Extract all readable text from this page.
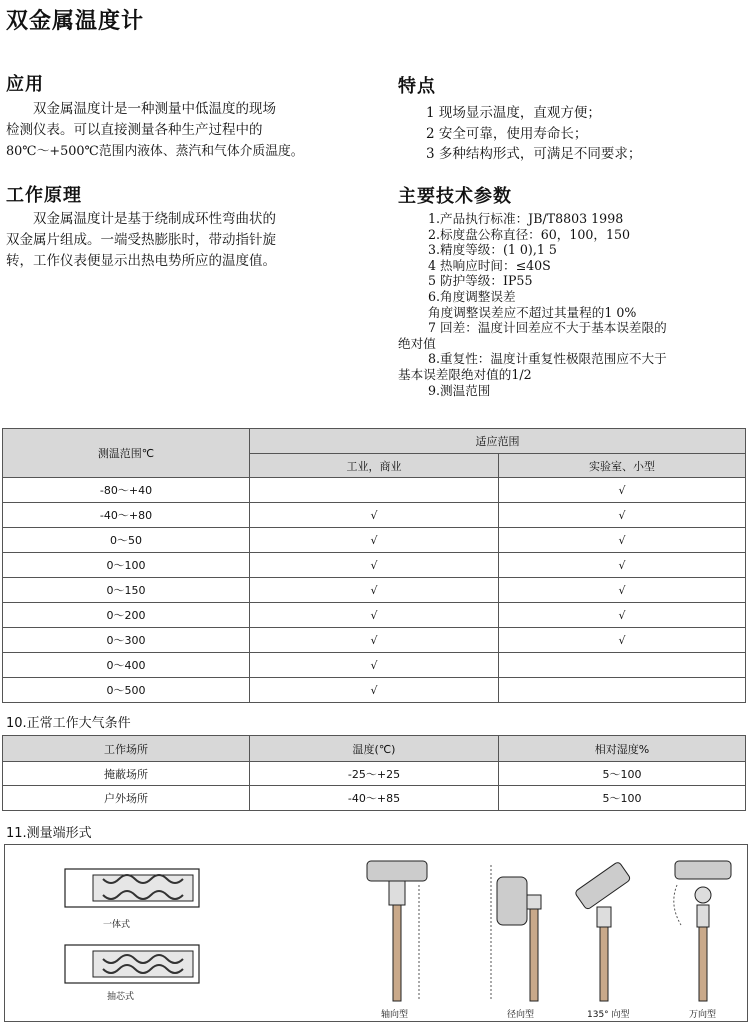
双金属温度计
应用

　　双金属温度计是一种测量中低温度的现场

检测仪表。可以直接测量各种生产过程中的

80℃～+500℃范围内液体、蒸汽和气体介质温度。

工作原理

　　双金属温度计是基于绕制成环性弯曲状的

双金属片组成。一端受热膨胀时，带动指针旋

转，工作仪表便显示出热电势所应的温度值。

特点

1 现场显示温度，直观方便；

2 安全可靠，使用寿命长；

3 多种结构形式，可满足不同要求；

主要技术参数

1.产品执行标准：JB/T8803 1998

2.标度盘公称直径：60，100，150

3.精度等级：(1 0),1 5

4 热响应时间：≤40S

5 防护等级：IP55

6.角度调整误差

角度调整误差应不超过其量程的1 0%

7 回差：温度计回差应不大于基本误差限的

绝对值

8.重复性：温度计重复性极限范围应不大于

基本误差限绝对值的1/2

9.测温范围

测温范围℃	适应范围	
	工业，商业	实验室、小型
-80～+40		√
-40～+80	√	√
0～50	√	√
0～100	√	√
0～150	√	√
0～200	√	√
0～300	√	√
0～400	√	
0～500	√	
10.正常工作大气条件
工作场所	温度(℃)	相对湿度%
掩蔽场所	-25～+25	5～100
户外场所	-40～+85	5～100
11.测量端形式
一体式
抽芯式
轴向型	径向型	135° 向型	万向型
